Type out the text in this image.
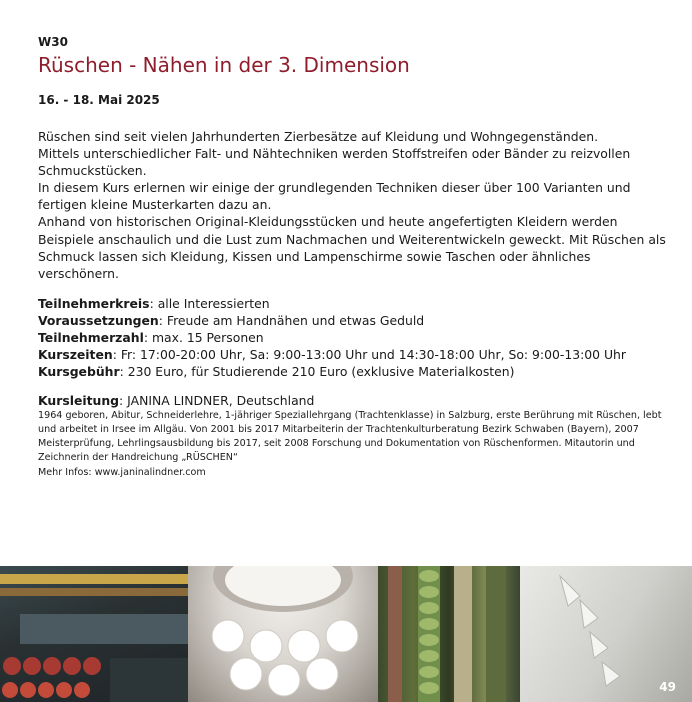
W30

Rüschen - Nähen in der 3. Dimension

16. - 18. Mai 2025

Rüschen sind seit vielen Jahrhunderten Zierbesätze auf Kleidung und Wohngegenständen.

Mittels unterschiedlicher Falt- und Nähtechniken werden Stoffstreifen oder Bänder zu reizvollen Schmuckstücken.

In diesem Kurs erlernen wir einige der grundlegenden Techniken dieser über 100 Varianten und fertigen kleine Musterkarten dazu an.

Anhand von historischen Original-Kleidungsstücken und heute angefertigten Kleidern werden Beispiele anschaulich und die Lust zum Nachmachen und Weiterentwickeln geweckt. Mit Rüschen als Schmuck lassen sich Kleidung, Kissen und Lampenschirme sowie Taschen oder ähnliches verschönern.

Teilnehmerkreis: alle Interessierten
Voraussetzungen: Freude am Handnähen und etwas Geduld
Teilnehmerzahl: max. 15 Personen
Kurszeiten: Fr: 17:00-20:00 Uhr, Sa: 9:00-13:00 Uhr und 14:30-18:00 Uhr, So: 9:00-13:00 Uhr
Kursgebühr: 230 Euro, für Studierende 210 Euro (exklusive Materialkosten)
Kursleitung: JANINA LINDNER, Deutschland

1964 geboren, Abitur, Schneiderlehre, 1-jähriger Speziallehrgang (Trachtenklasse) in Salzburg, erste Berührung mit Rüschen, lebt und arbeitet in Irsee im Allgäu. Von 2001 bis 2017 Mitarbeiterin der Trachtenkulturberatung Bezirk Schwaben (Bayern), 2007 Meisterprüfung, Lehrlingsausbildung bis 2017, seit 2008 Forschung und Dokumentation von Rüschenformen. Mitautorin und Zeichnerin der Handreichung „RÜSCHEN“

Mehr Infos: www.janinalindner.com

49
